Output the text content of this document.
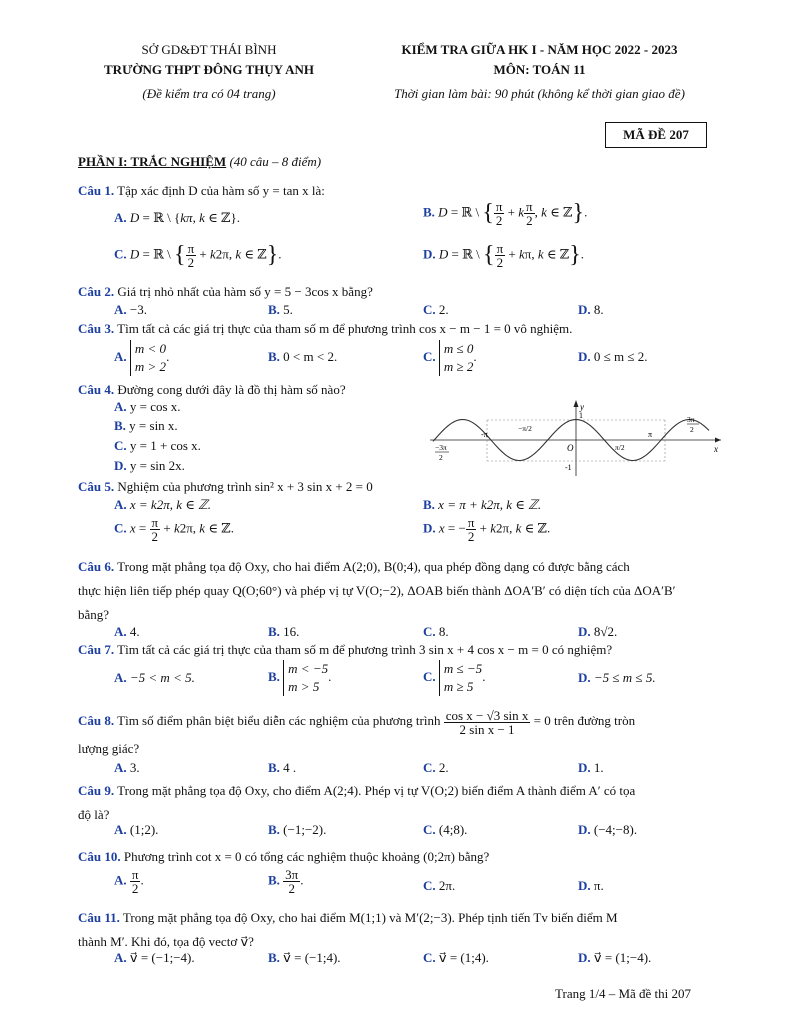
SỞ GD&ĐT THÁI BÌNH
TRƯỜNG THPT ĐÔNG THỤY ANH
(Đề kiểm tra có 04 trang)
KIỂM TRA GIỮA HK I - NĂM HỌC 2022 - 2023
MÔN: TOÁN 11
Thời gian làm bài: 90 phút (không kể thời gian giao đề)
MÃ ĐỀ 207
PHẦN I: TRẮC NGHIỆM (40 câu – 8 điểm)
Câu 1. Tập xác định D của hàm số y = tan x là:
A. D = ℝ \ {kπ, k ∈ ℤ}.	B. D = ℝ \ { $\frac{\pi}{2} + k \frac{\pi}{2}$ , k ∈ ℤ}.
C. D = ℝ \ { $\frac{\pi}{2} + k2\pi$, k ∈ ℤ}.	D. D = ℝ \ { $\frac{\pi}{2} + k\pi$, k ∈ ℤ}.
Câu 2. Giá trị nhỏ nhất của hàm số y = 5 − 3cos x bằng?
A. −3.	B. 5.	C. 2.	D. 8.
Câu 3. Tìm tất cả các giá trị thực của tham số m để phương trình cos x − m − 1 = 0 vô nghiệm.
A.
m < 0
m > 2
.	B. 0 < m < 2.	C.
m ≤ 0
m ≥ 2
.	D. 0 ≤ m ≤ 2.
Câu 4. Đường cong dưới đây là đồ thị hàm số nào?
A. y = cos x.
B. y = sin x.
C. y = 1 + cos x.
D. y = sin 2x.
y
x
O
1
-1
-π	π
−π/2
π/2
−3π
2
3π
2
Câu 5. Nghiệm của phương trình sin² x + 3 sin x + 2 = 0
A. x = k2π, k ∈ ℤ.	B. x = π + k2π, k ∈ ℤ.
C. $x = \frac{\pi}{2} + k2\pi$, k ∈ ℤ.	D. x = − $\frac{\pi}{2} + k2\pi$, k ∈ ℤ.
Câu 6. Trong mặt phẳng tọa độ Oxy, cho hai điểm A(2;0), B(0;4), qua phép đồng dạng có được bằng cách
thực hiện liên tiếp phép quay Q(O;60°) và phép vị tự V(O;−2), ΔOAB biến thành ΔOA′B′ có diện tích của ΔOA′B′
bằng?
A. 4.	B. 16.	C. 8.	D. 8√2.
Câu 7. Tìm tất cả các giá trị thực của tham số m để phương trình 3 sin x + 4 cos x − m = 0 có nghiệm?
A. −5 < m < 5.	B.
m < −5
m > 5
.	C.
m ≤ −5
m ≥ 5
.	D. −5 ≤ m ≤ 5.
Câu 8. Tìm số điểm phân biệt biểu diễn các nghiệm của phương trình $\frac{\text{cos x − √3 sin x}}{\text{2 sin x − 1}} = 0$ trên đường tròn
lượng giác?
A. 3.	B. 4 .	C. 2.	D. 1.
Câu 9. Trong mặt phẳng tọa độ Oxy, cho điểm A(2;4). Phép vị tự V(O;2) biến điểm A thành điểm A′ có tọa
độ là?
A. (1;2).	B. (−1;−2).	C. (4;8).	D. (−4;−8).
Câu 10. Phương trình cot x = 0 có tổng các nghiệm thuộc khoảng (0;2π) bằng?
A. $\frac{\pi}{2}$ .	B. $\frac{3\pi}{2}$ .	C. 2π.	D. π.
Câu 11. Trong mặt phẳng tọa độ Oxy, cho hai điểm M(1;1) và M′(2;−3). Phép tịnh tiến Tv biến điểm M
thành M′. Khi đó, tọa độ vectơ v⃗?
A. v⃗ = (−1;−4).	B. v⃗ = (−1;4).	C. v⃗ = (1;4).	D. v⃗ = (1;−4).
Trang 1/4 – Mã đề thi 207
